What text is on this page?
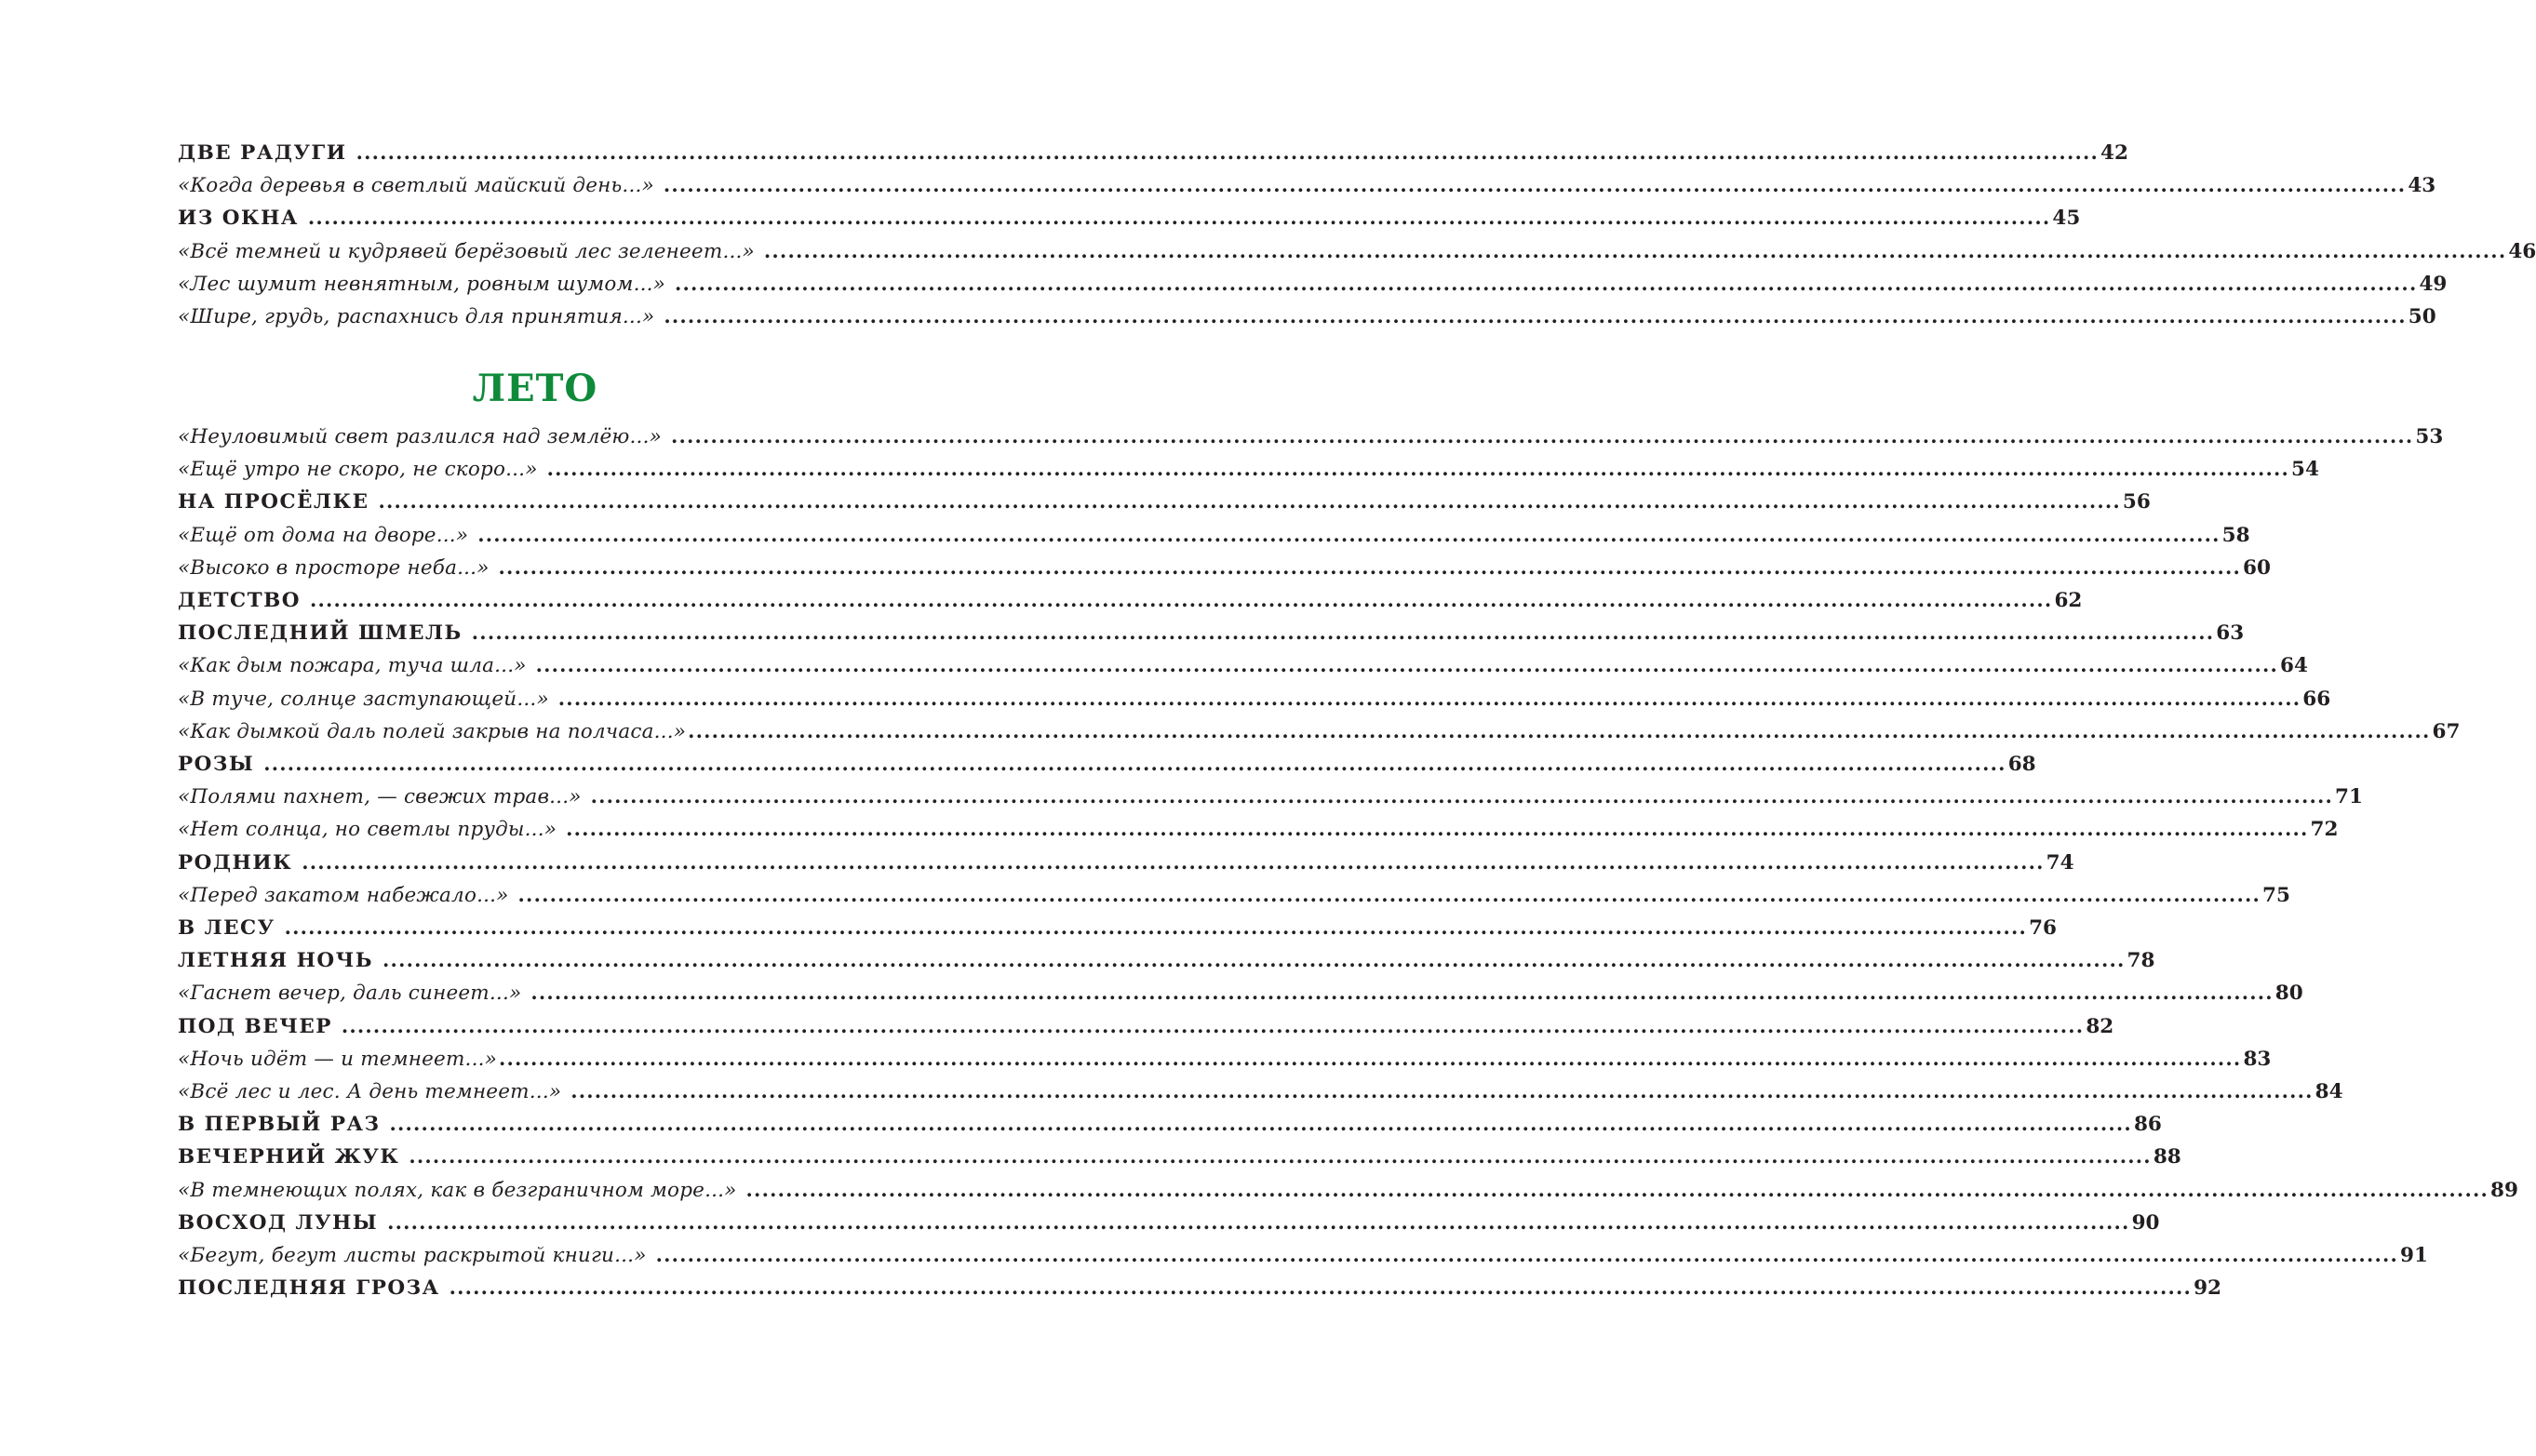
ЛЕТО
ДВЕ РАДУГИ ............................................................................................................................................................................................................................ 42
«Когда деревья в светлый майский день...» ............................................................................................................................................................................................................................ 43
ИЗ ОКНА ............................................................................................................................................................................................................................ 45
«Всё темней и кудрявей берёзовый лес зеленеет...» ............................................................................................................................................................................................................................ 46
«Лес шумит невнятным, ровным шумом...» ............................................................................................................................................................................................................................ 49
«Шире, грудь, распахнись для принятия...» ............................................................................................................................................................................................................................ 50
«Неуловимый свет разлился над землёю...» ............................................................................................................................................................................................................................ 53
«Ещё утро не скоро, не скоро...» ............................................................................................................................................................................................................................ 54
НА ПРОСЁЛКЕ ............................................................................................................................................................................................................................ 56
«Ещё от дома на дворе...» ............................................................................................................................................................................................................................ 58
«Высоко в просторе неба...» ............................................................................................................................................................................................................................ 60
ДЕТСТВО ............................................................................................................................................................................................................................ 62
ПОСЛЕДНИЙ ШМЕЛЬ ............................................................................................................................................................................................................................ 63
«Как дым пожара, туча шла...» ............................................................................................................................................................................................................................ 64
«В туче, солнце заступающей...» ............................................................................................................................................................................................................................ 66
«Как дымкой даль полей закрыв на полчаса...» ............................................................................................................................................................................................................................ 67
РОЗЫ ............................................................................................................................................................................................................................ 68
«Полями пахнет, — свежих трав...» ............................................................................................................................................................................................................................ 71
«Нет солнца, но светлы пруды...» ............................................................................................................................................................................................................................ 72
РОДНИК ............................................................................................................................................................................................................................ 74
«Перед закатом набежало...» ............................................................................................................................................................................................................................ 75
В ЛЕСУ ............................................................................................................................................................................................................................ 76
ЛЕТНЯЯ НОЧЬ ............................................................................................................................................................................................................................ 78
«Гаснет вечер, даль синеет...» ............................................................................................................................................................................................................................ 80
ПОД ВЕЧЕР ............................................................................................................................................................................................................................ 82
«Ночь идёт — и темнеет...» ............................................................................................................................................................................................................................ 83
«Всё лес и лес. А день темнеет...» ............................................................................................................................................................................................................................ 84
В ПЕРВЫЙ РАЗ ............................................................................................................................................................................................................................ 86
ВЕЧЕРНИЙ ЖУК ............................................................................................................................................................................................................................ 88
«В темнеющих полях, как в безграничном море...» ............................................................................................................................................................................................................................ 89
ВОСХОД ЛУНЫ ............................................................................................................................................................................................................................ 90
«Бегут, бегут листы раскрытой книги...» ............................................................................................................................................................................................................................ 91
ПОСЛЕДНЯЯ ГРОЗА ............................................................................................................................................................................................................................ 92
